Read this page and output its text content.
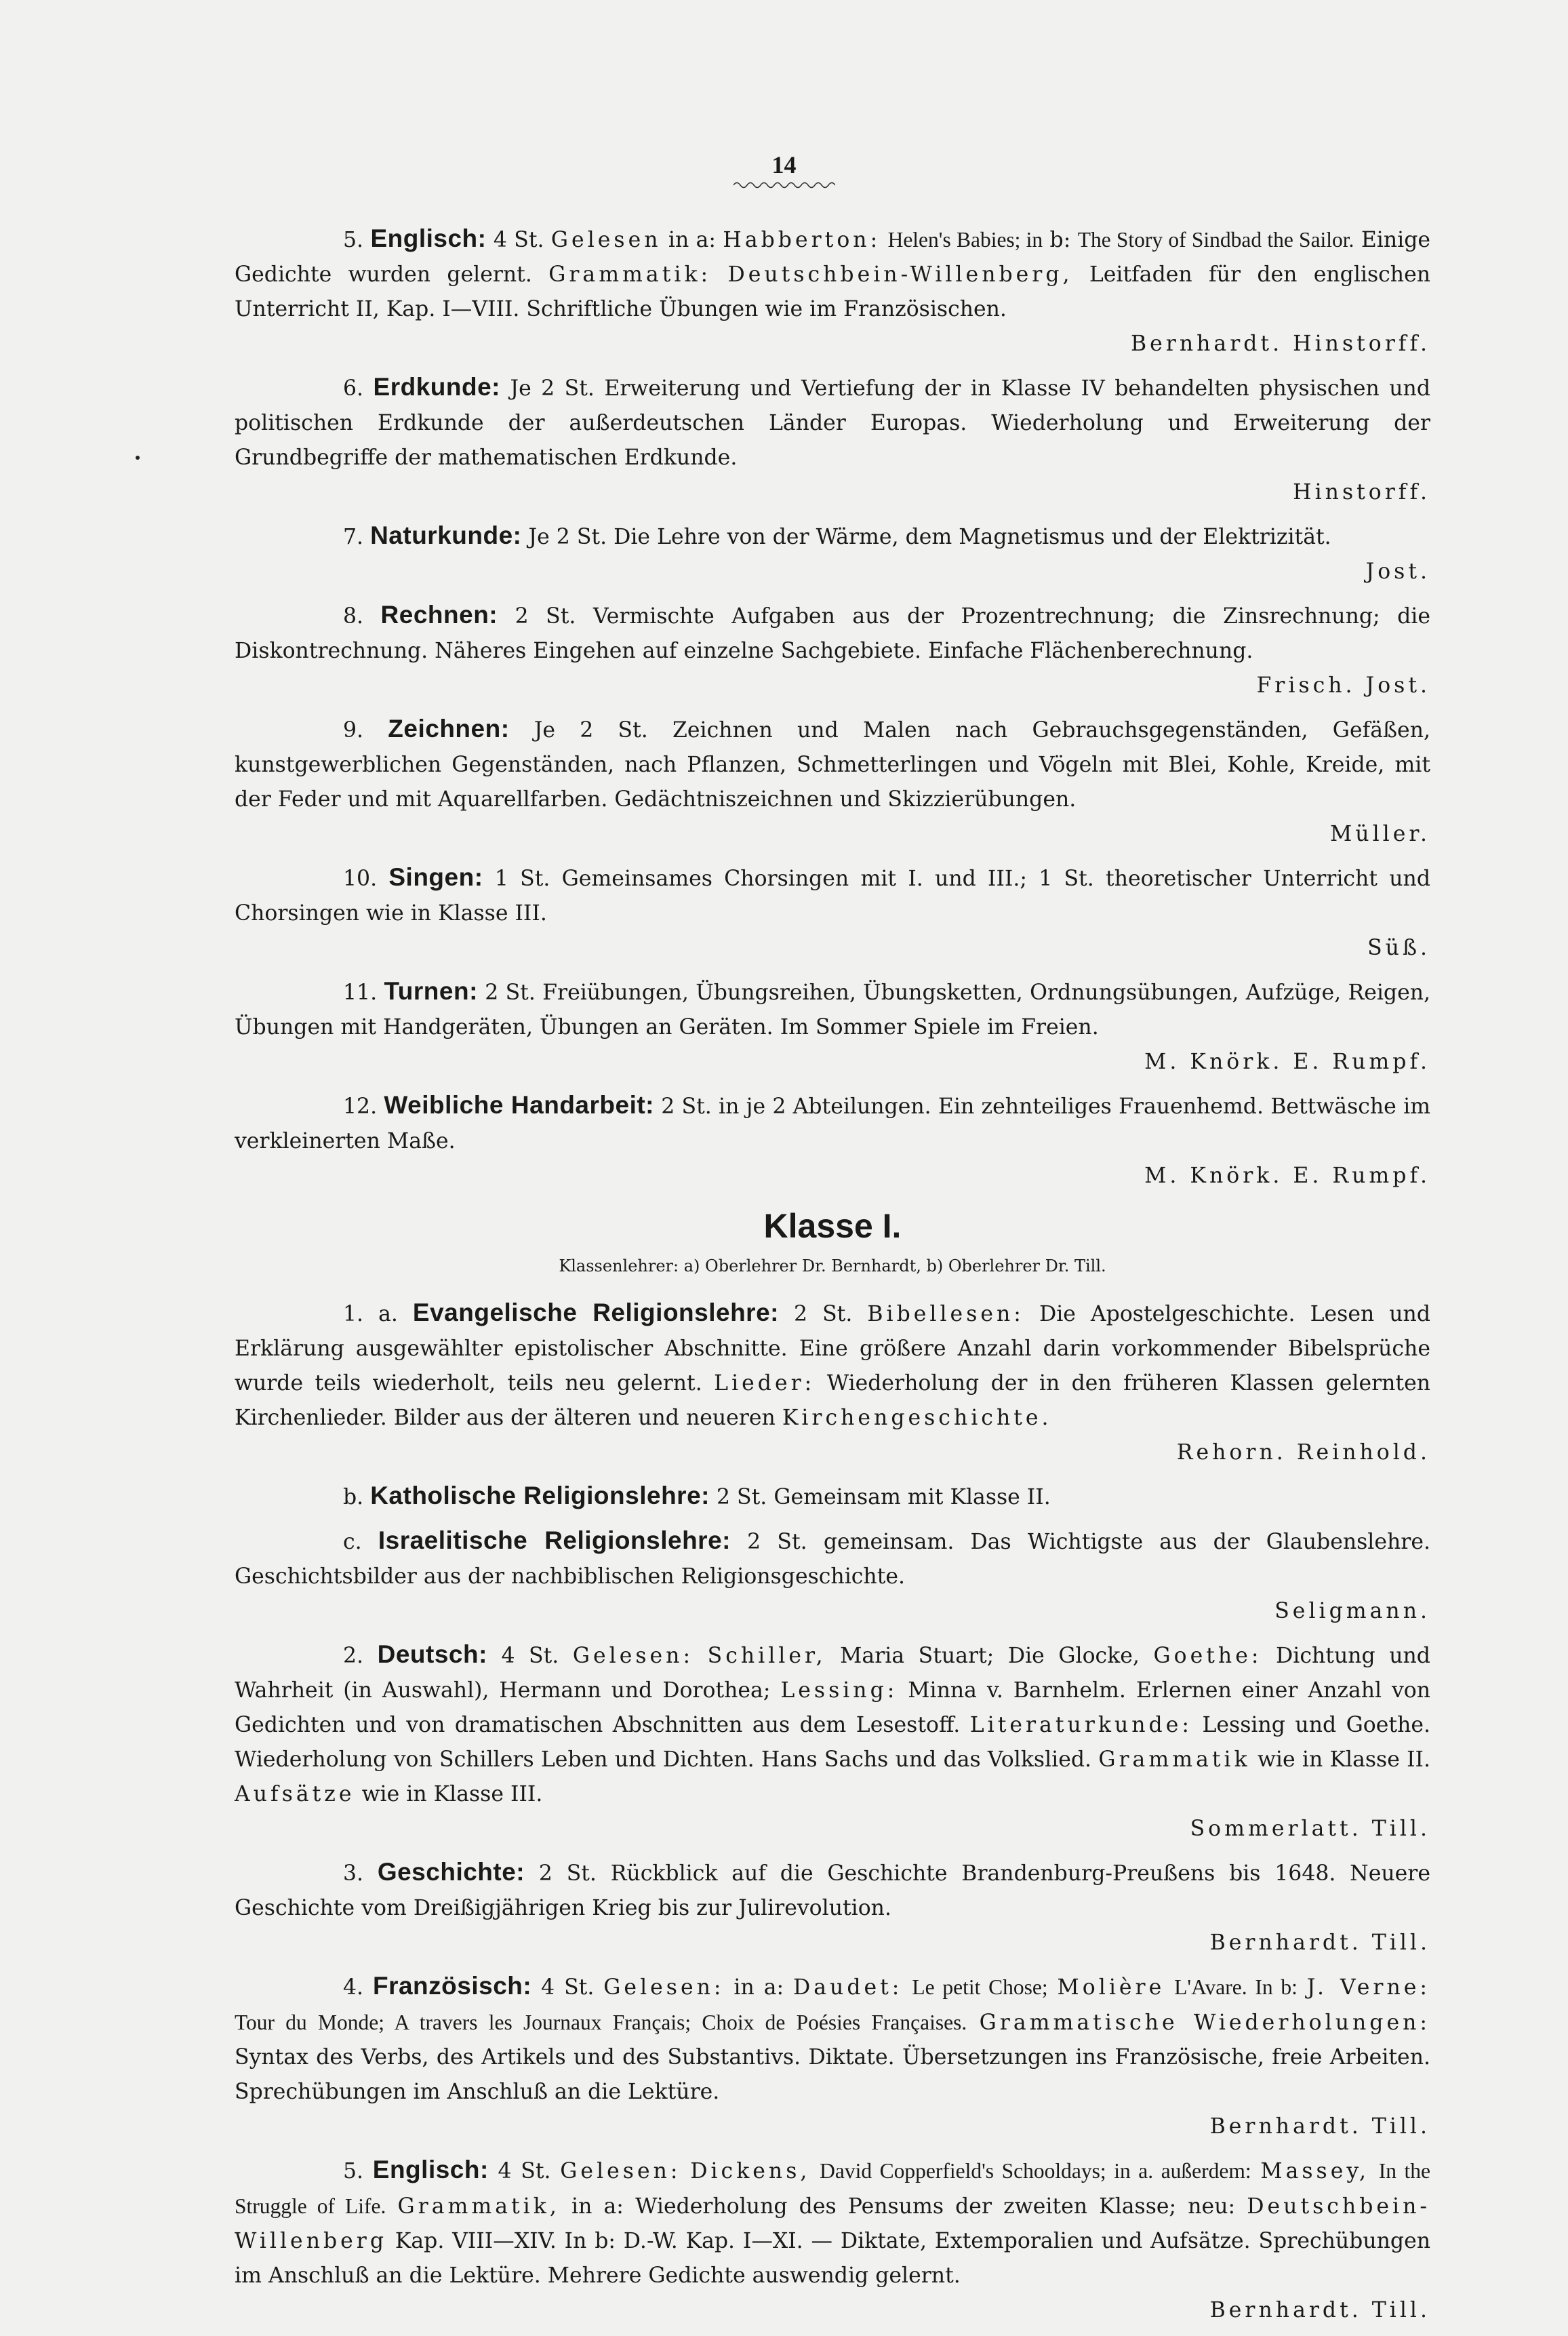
14

5. Englisch: 4 St. Gelesen in a: Habberton: Helen's Babies; in b: The Story of Sindbad the Sailor. Einige Gedichte wurden gelernt. Grammatik: Deutschbein-Willenberg, Leitfaden für den englischen Unterricht II, Kap. I—VIII. Schriftliche Übungen wie im Französischen.
Bernhardt. Hinstorff.

6. Erdkunde: Je 2 St. Erweiterung und Vertiefung der in Klasse IV behandelten physischen und politischen Erdkunde der außerdeutschen Länder Europas. Wiederholung und Erweiterung der Grundbegriffe der mathematischen Erdkunde.
Hinstorff.

7. Naturkunde: Je 2 St. Die Lehre von der Wärme, dem Magnetismus und der Elektrizität.
Jost.

8. Rechnen: 2 St. Vermischte Aufgaben aus der Prozentrechnung; die Zinsrechnung; die Diskontrechnung. Näheres Eingehen auf einzelne Sachgebiete. Einfache Flächenberechnung.
Frisch. Jost.

9. Zeichnen: Je 2 St. Zeichnen und Malen nach Gebrauchsgegenständen, Gefäßen, kunstgewerblichen Gegenständen, nach Pflanzen, Schmetterlingen und Vögeln mit Blei, Kohle, Kreide, mit der Feder und mit Aquarellfarben. Gedächtniszeichnen und Skizzierübungen.
Müller.

10. Singen: 1 St. Gemeinsames Chorsingen mit I. und III.; 1 St. theoretischer Unterricht und Chorsingen wie in Klasse III.
Süß.

11. Turnen: 2 St. Freiübungen, Übungsreihen, Übungsketten, Ordnungsübungen, Aufzüge, Reigen, Übungen mit Handgeräten, Übungen an Geräten. Im Sommer Spiele im Freien.
M. Knörk. E. Rumpf.

12. Weibliche Handarbeit: 2 St. in je 2 Abteilungen. Ein zehnteiliges Frauenhemd. Bettwäsche im verkleinerten Maße.
M. Knörk. E. Rumpf.

Klasse I.
Klassenlehrer: a) Oberlehrer Dr. Bernhardt, b) Oberlehrer Dr. Till.

1. a. Evangelische Religionslehre: 2 St. Bibellesen: Die Apostelgeschichte. Lesen und Erklärung ausgewählter epistolischer Abschnitte. Eine größere Anzahl darin vorkommender Bibelsprüche wurde teils wiederholt, teils neu gelernt. Lieder: Wiederholung der in den früheren Klassen gelernten Kirchenlieder. Bilder aus der älteren und neueren Kirchengeschichte.
Rehorn. Reinhold.

b. Katholische Religionslehre: 2 St. Gemeinsam mit Klasse II.

c. Israelitische Religionslehre: 2 St. gemeinsam. Das Wichtigste aus der Glaubenslehre. Geschichtsbilder aus der nachbiblischen Religionsgeschichte.
Seligmann.

2. Deutsch: 4 St. Gelesen: Schiller, Maria Stuart; Die Glocke, Goethe: Dichtung und Wahrheit (in Auswahl), Hermann und Dorothea; Lessing: Minna v. Barnhelm. Erlernen einer Anzahl von Gedichten und von dramatischen Abschnitten aus dem Lesestoff. Literaturkunde: Lessing und Goethe. Wiederholung von Schillers Leben und Dichten. Hans Sachs und das Volkslied. Grammatik wie in Klasse II. Aufsätze wie in Klasse III.
Sommerlatt. Till.

3. Geschichte: 2 St. Rückblick auf die Geschichte Brandenburg-Preußens bis 1648. Neuere Geschichte vom Dreißigjährigen Krieg bis zur Julirevolution.
Bernhardt. Till.

4. Französisch: 4 St. Gelesen: in a: Daudet: Le petit Chose; Molière L'Avare. In b: J. Verne: Tour du Monde; A travers les Journaux Français; Choix de Poésies Françaises. Grammatische Wiederholungen: Syntax des Verbs, des Artikels und des Substantivs. Diktate. Übersetzungen ins Französische, freie Arbeiten. Sprechübungen im Anschluß an die Lektüre.
Bernhardt. Till.

5. Englisch: 4 St. Gelesen: Dickens, David Copperfield's Schooldays; in a. außerdem: Massey, In the Struggle of Life. Grammatik, in a: Wiederholung des Pensums der zweiten Klasse; neu: Deutschbein-Willenberg Kap. VIII—XIV. In b: D.-W. Kap. I—XI. — Diktate, Extemporalien und Aufsätze. Sprechübungen im Anschluß an die Lektüre. Mehrere Gedichte auswendig gelernt.
Bernhardt. Till.
